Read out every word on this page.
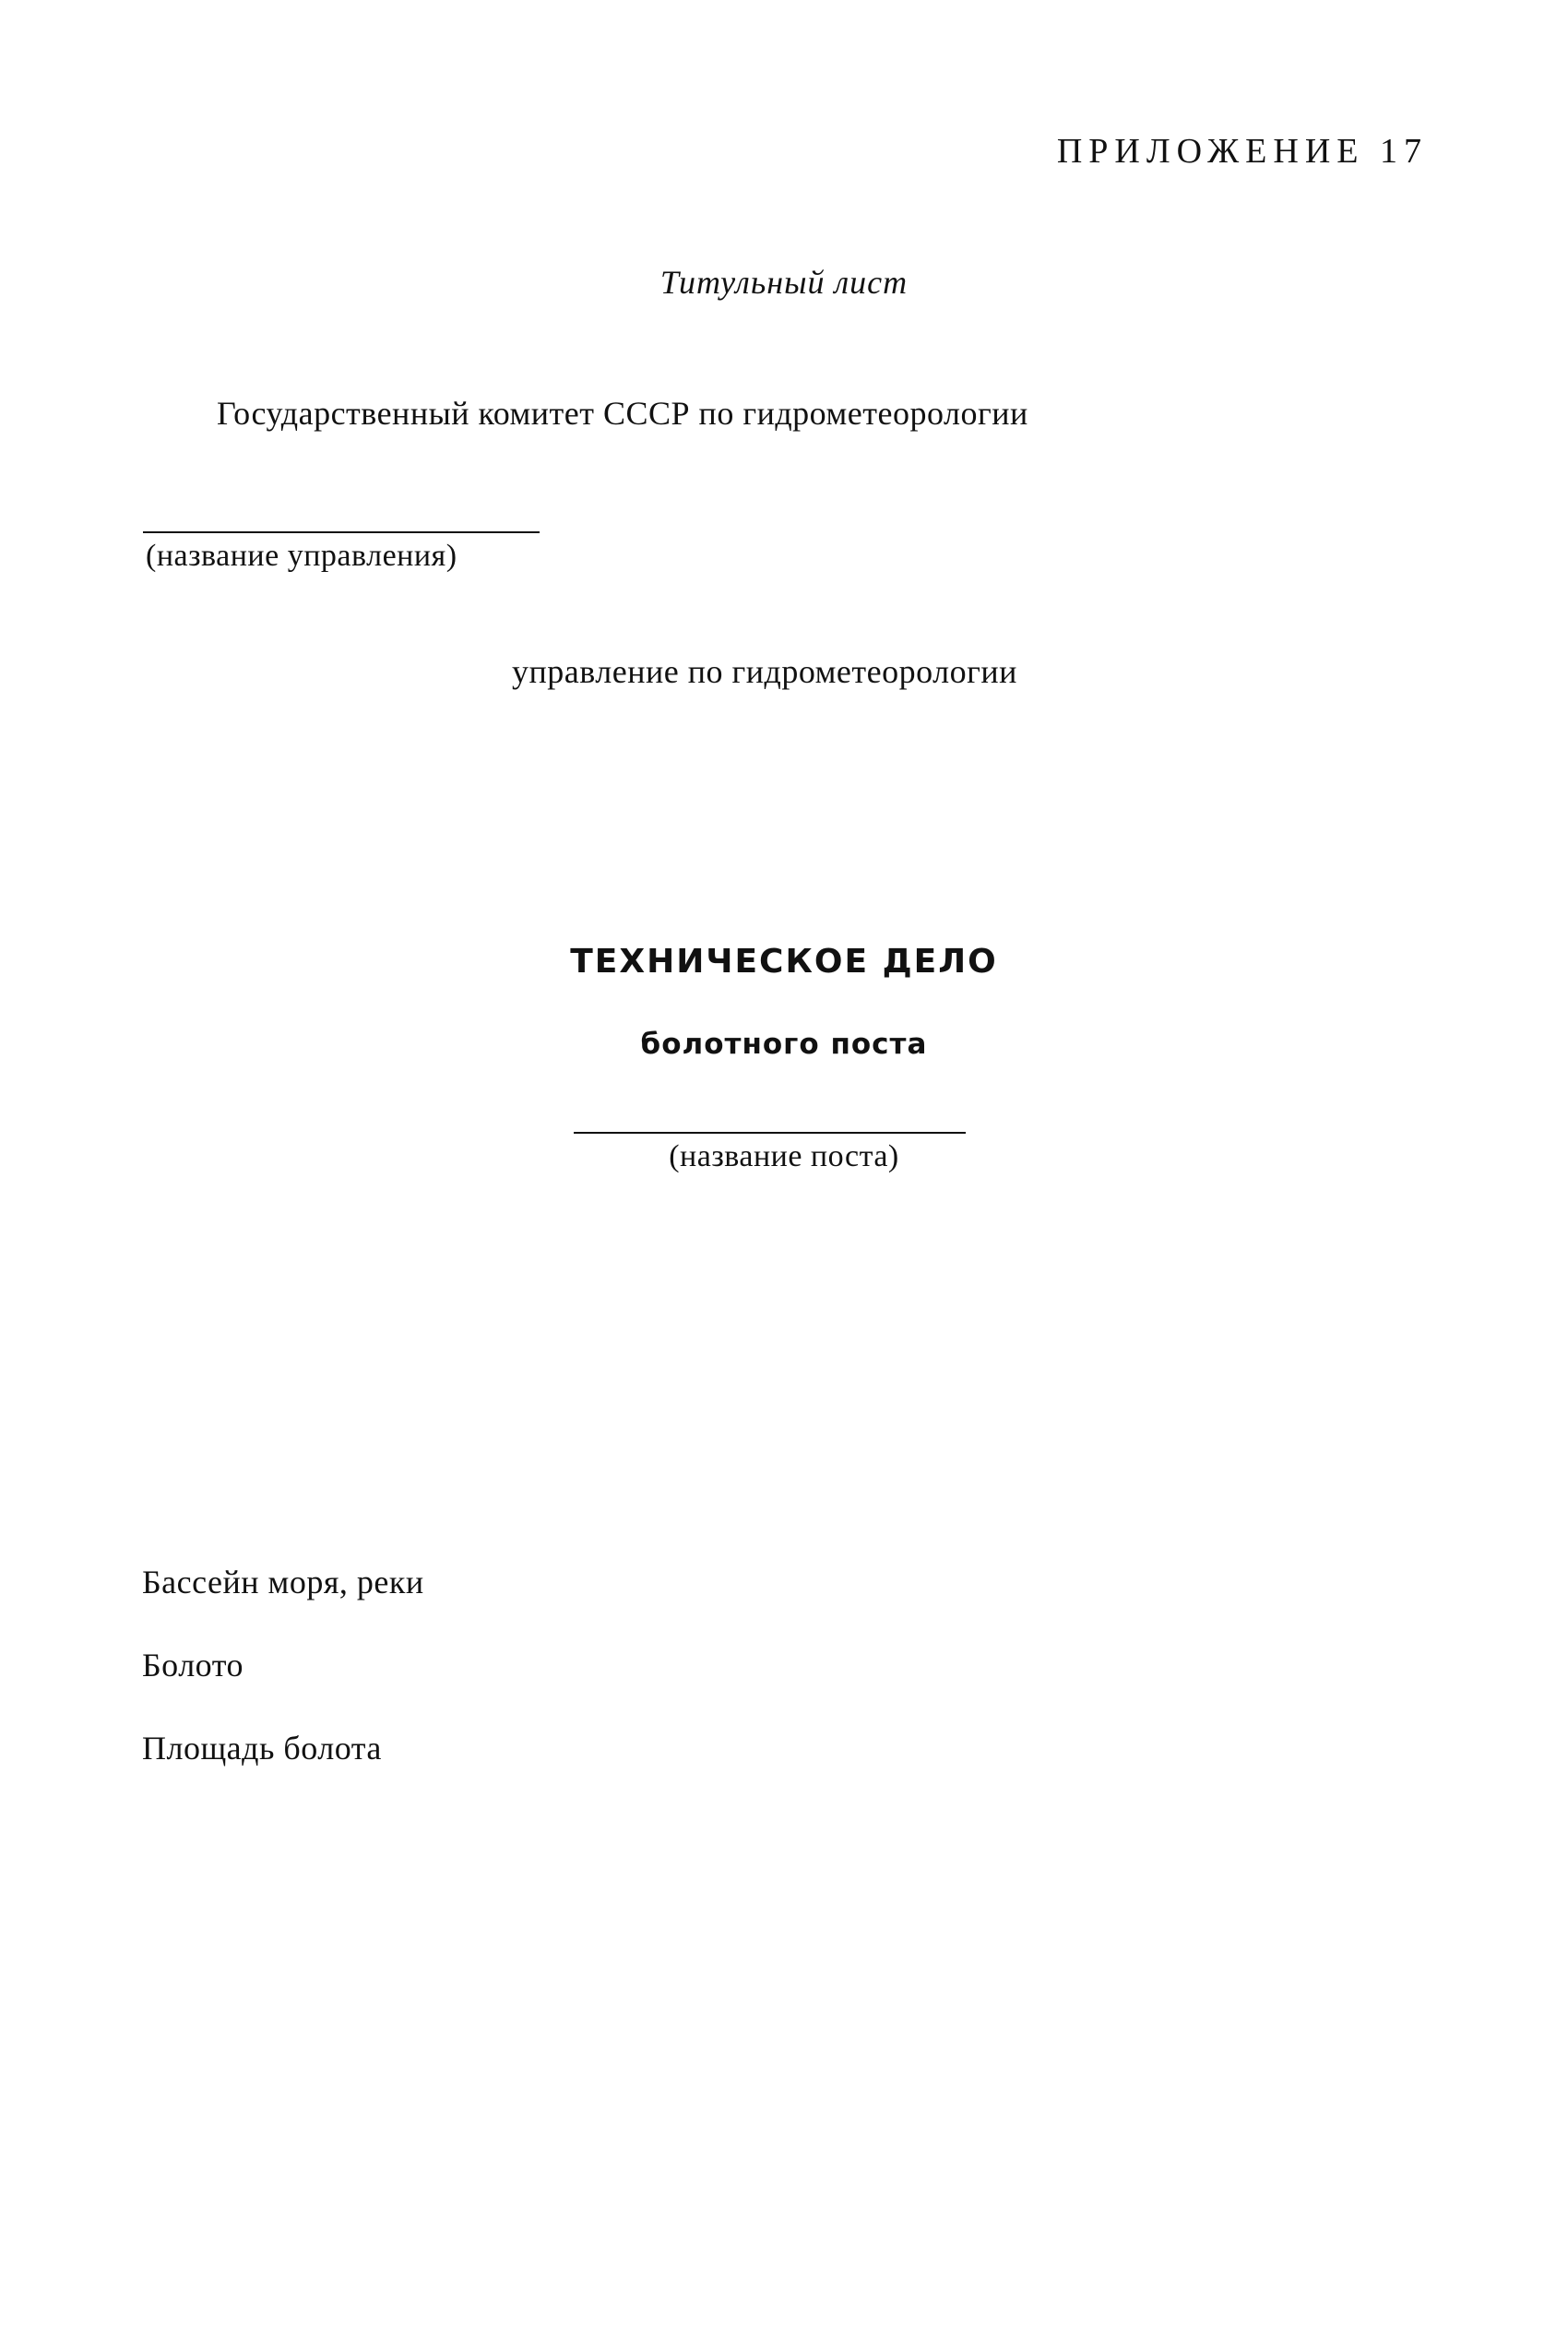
ПРИЛОЖЕНИЕ 17
Титульный лист
Государственный комитет СССР по гидрометеорологии
(название управления)
управление по гидрометеорологии
ТЕХНИЧЕСКОЕ ДЕЛО
болотного поста
(название поста)
Бассейн моря, реки
Болото
Площадь болота
